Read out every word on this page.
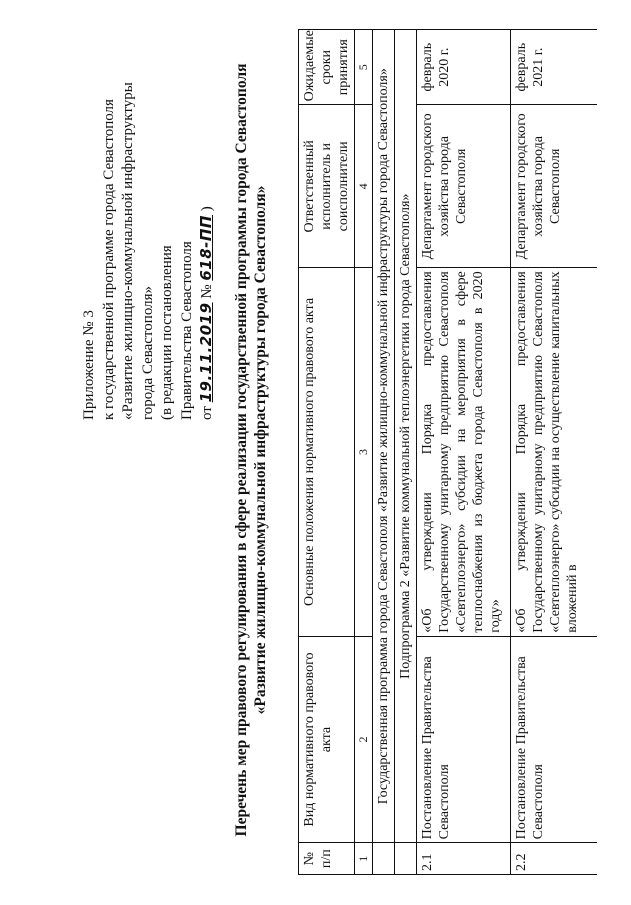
Приложение № 3 к государственной программе города Севастополя «Развитие жилищно-коммунальной инфраструктуры города Севастополя» (в редакции постановления Правительства Севастополя от 19.11.2019 № 618-ПП ) Перечень мер правового регулирования в сфере реализации государственной программы города Севастополя «Развитие жилищно-коммунальной инфраструктуры города Севастополя»
№ п/п	Вид нормативного правового акта	Основные положения нормативного правового акта	Ответственный исполнитель и соисполнители	Ожидаемые сроки принятия
1	2	3	4	5
	Государственная программа города Севастополя «Развитие жилищно-коммунальной инфраструктуры города Севастополя»			
	Подпрограмма 2 «Развитие коммунальной теплоэнергетики города Севастополя»			
2.1	Постановление Правительства Севастополя	«Об утверждении Порядка предоставления Государственному унитарному предприятию Севастополя «Севтеплоэнерго» субсидии на мероприятия в сфере теплоснабжения из бюджета города Севастополя в 2020 году»	Департамент городского хозяйства города Севастополя	февраль 2020 г.
2.2	Постановление Правительства Севастополя	«Об утверждении Порядка предоставления Государственному унитарному предприятию Севастополя «Севтеплоэнерго» субсидии на осуществление капитальных вложений в	Департамент городского хозяйства города Севастополя	февраль 2021 г.
